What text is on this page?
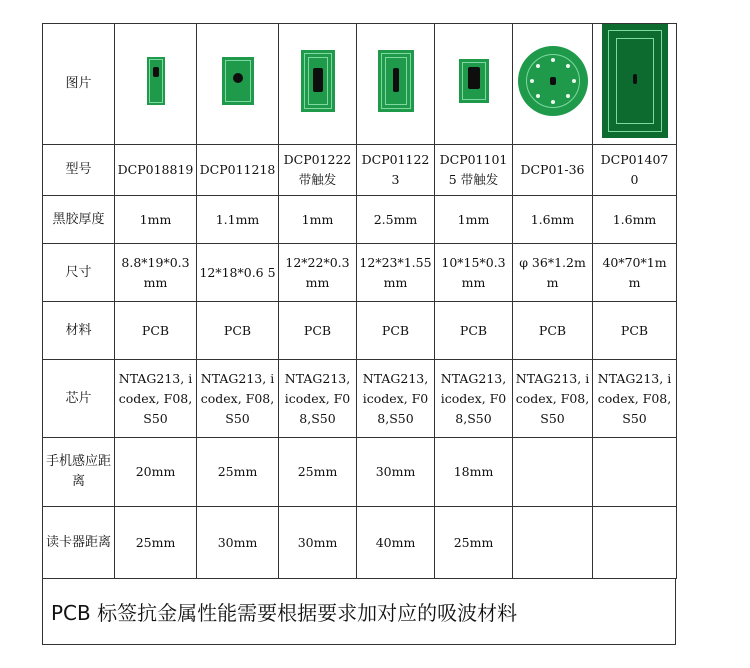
图片	

型号	DCP018819	DCP011218	DCP01222 带触发	DCP01122 3	DCP01101 5 带触发	DCP01-36	DCP01407 0
黑胶厚度	1mm	1.1mm	1mm	2.5mm	1mm	1.6mm	1.6mm
尺寸	8.8*19*0.3mm	12*18*0.6 5	12*22*0.3mm	12*23*1.55mm	10*15*0.3mm	φ 36*1.2mm	40*70*1m m
材料	PCB	PCB	PCB	PCB	PCB	PCB	PCB
芯片	NTAG213, icodex, F08,S50	NTAG213, icodex, F08,S50	NTAG213, icodex, F08,S50	NTAG213, icodex, F08,S50	NTAG213, icodex, F08,S50	NTAG213, icodex, F08,S50	NTAG213, icodex, F08,S50
手机感应距离	20mm	25mm	25mm	30mm	18mm		
读卡器距离	25mm	30mm	30mm	40mm	25mm		
PCB 标签抗金属性能需要根据要求加对应的吸波材料
